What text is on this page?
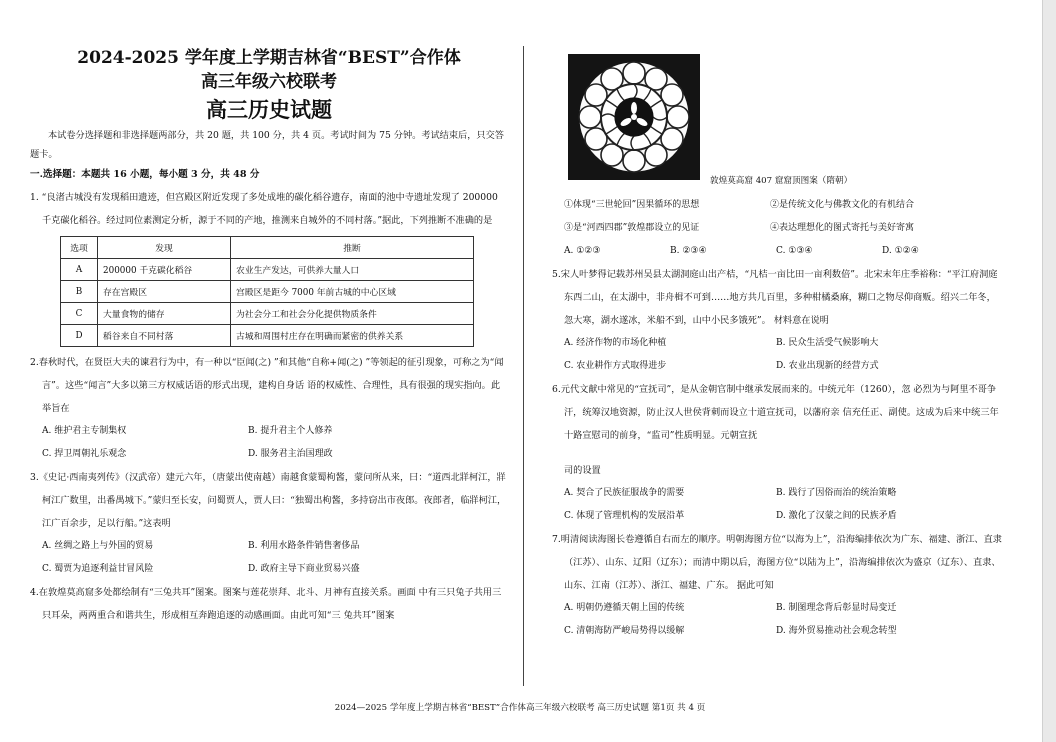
2024-2025 学年度上学期吉林省“BEST”合作体

高三年级六校联考

高三历史试题

本试卷分选择题和非选择题两部分，共 20 题，共 100 分，共 4 页。考试时间为 75 分钟。考试结束后，只交答题卡。

一.选择题：本题共 16 小题，每小题 3 分，共 48 分

1. “良渚古城没有发现稻田遗迹，但宫殿区附近发现了多处成堆的碳化稻谷遗存，南面的池中寺遗址发现了 200000 千克碳化稻谷。经过同位素测定分析，源于不同的产地，推测来自城外的不同村落。”据此，下列推断不准确的是

选项	发现	推断
A	200000 千克碳化稻谷	农业生产发达，可供养大量人口
B	存在宫殿区	宫殿区是距今 7000 年前古城的中心区域
C	大量食物的储存	为社会分工和社会分化提供物质条件
D	稻谷来自不同村落	古城和周围村庄存在明确而紧密的供养关系

2.春秋时代，在贤臣大夫的谏君行为中，有一种以“臣闻(之) ”和其他“自称+闻(之) ”等领起的征引现象，可称之为“闻言”。这些“闻言”大多以第三方权威话语的形式出现，建构自身话 语的权威性、合理性，具有很强的现实指向。此举旨在

A. 维护君主专制集权	B. 提升君主个人修养
C. 捍卫周朝礼乐观念	D. 服务君主治国理政

3.《史记·西南夷列传》（汉武帝）建元六年，（唐蒙出使南越）南越食蒙蜀枸酱，蒙问所从来，曰：“道西北牂柯江，牂柯江广数里，出番禺城下。”蒙归至长安，问蜀贾人，贾人曰：“独蜀出枸酱，多持窃出市夜郎。夜郎者，临牂柯江，江广百余步，足以行船。”这表明

A. 丝绸之路上与外国的贸易	B. 利用水路条件销售奢侈品
C. 蜀贾为追逐利益甘冒风险	D. 政府主导下商业贸易兴盛

4.在敦煌莫高窟多处都绘制有“三兔共耳”图案。图案与莲花崇拜、北斗、月神有直接关系。画面 中有三只兔子共用三只耳朵，两两重合和谐共生，形成相互奔跑追逐的动感画面。由此可知“三 兔共耳”图案

敦煌莫高窟 407 窟窟顶图案（隋朝）
①体现“三世轮回”因果循环的思想	②是传统文化与佛教文化的有机结合
③是“河西四郡”敦煌郡设立的见证	④表达理想化的图式寄托与美好寄寓
A. ①②③	B. ②③④	C. ①③④	D. ①②④

5.宋人叶梦得记载苏州吴县太湖洞庭山出产桔，“凡桔一亩比田一亩利数倍”。北宋末年庄季裕称：“平江府洞庭东西二山，在太湖中，非舟楫不可到……地方共几百里，多种柑橘桑麻，糊口之物尽仰商贩。绍兴二年冬，忽大寒，湖水遂冰，米船不到，山中小民多饿死”。 材料意在说明

A. 经济作物的市场化种植	B. 民众生活受气候影响大
C. 农业耕作方式取得进步	D. 农业出现新的经营方式

6.元代文献中常见的“宣抚司”，是从金朝官制中继承发展而来的。中统元年（1260），忽 必烈为与阿里不哥争汗，统筹汉地资源，防止汉人世侯背刺而设立十道宣抚司，以藩府亲 信充任正、副使。这成为后来中统三年十路宣慰司的前身，“监司”性质明显。元朝宣抚

司的设置

A. 契合了民族征服战争的需要	B. 践行了因俗而治的统治策略
C. 体现了管理机构的发展沿革	D. 激化了汉蒙之间的民族矛盾

7.明清阅读海图长卷遵循自右而左的顺序。明朝海图方位“以海为上”，沿海编排依次为广东、福建、浙江、直隶（江苏）、山东、辽阳（辽东）；而清中期以后，海图方位“以陆为上”，沿海编排依次为盛京（辽东）、直隶、山东、江南（江苏）、浙江、福建、广东。 据此可知

A. 明朝仍遵循天朝上国的传统	B. 制图理念背后彰显时局变迁
C. 清朝海防严峻局势得以缓解	D. 海外贸易推动社会观念转型
2024—2025 学年度上学期吉林省“BEST”合作体高三年级六校联考 高三历史试题 第1页 共 4 页
